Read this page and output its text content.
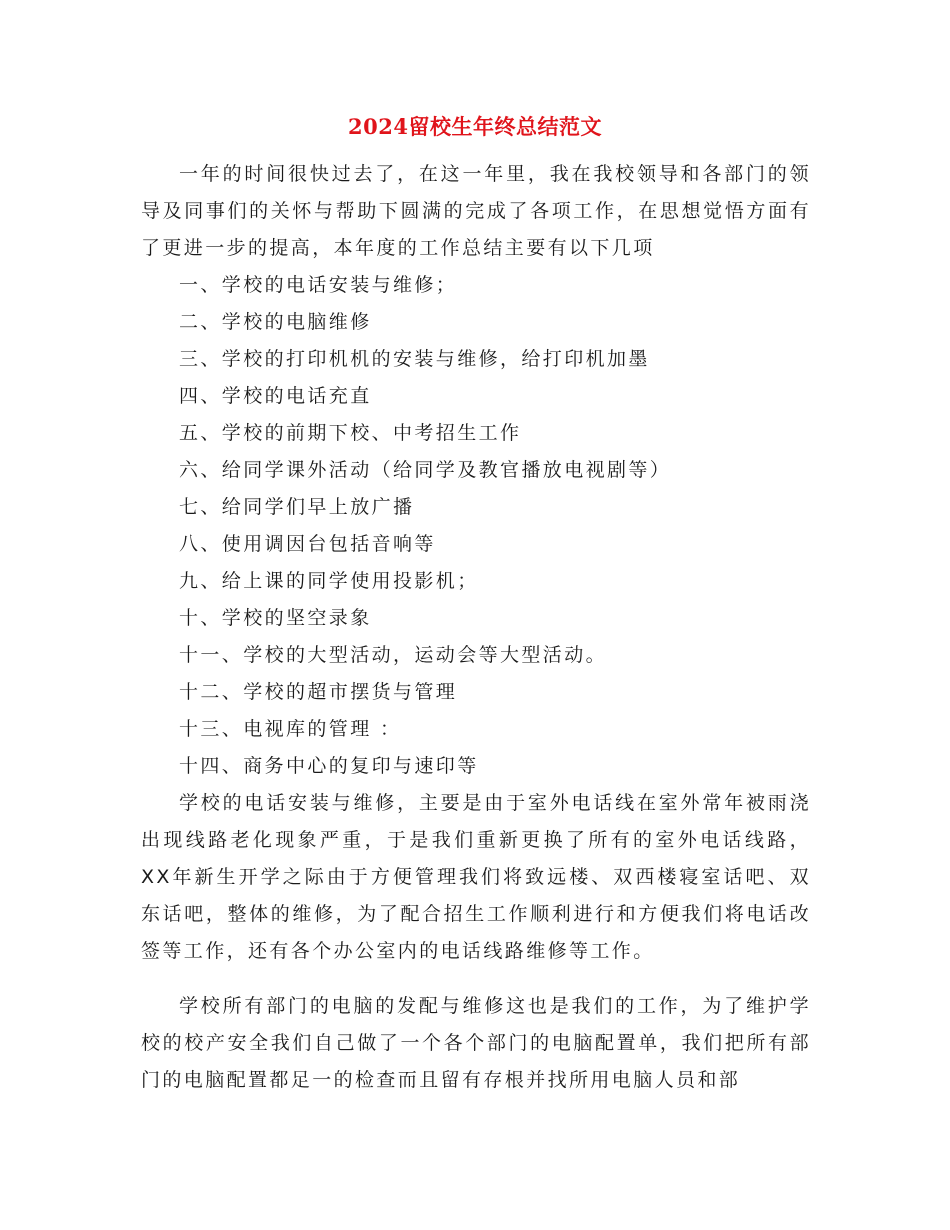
2024留校生年终总结范文

一年的时间很快过去了，在这一年里，我在我校领导和各部门的领导及同事们的关怀与帮助下圆满的完成了各项工作，在思想觉悟方面有了更进一步的提高，本年度的工作总结主要有以下几项

一、学校的电话安装与维修；

二、学校的电脑维修

三、学校的打印机机的安装与维修，给打印机加墨

四、学校的电话充直

五、学校的前期下校、中考招生工作

六、给同学课外活动（给同学及教官播放电视剧等）

七、给同学们早上放广播

八、使用调因台包括音响等

九、给上课的同学使用投影机；

十、学校的坚空录象

十一、学校的大型活动，运动会等大型活动。

十二、学校的超市摆货与管理

十三、电视库的管理 ：

十四、商务中心的复印与速印等

学校的电话安装与维修，主要是由于室外电话线在室外常年被雨浇出现线路老化现象严重，于是我们重新更换了所有的室外电话线路，XX年新生开学之际由于方便管理我们将致远楼、双西楼寝室话吧、双东话吧，整体的维修，为了配合招生工作顺利进行和方便我们将电话改签等工作，还有各个办公室内的电话线路维修等工作。

学校所有部门的电脑的发配与维修这也是我们的工作，为了维护学校的校产安全我们自己做了一个各个部门的电脑配置单，我们把所有部门的电脑配置都足一的检查而且留有存根并找所用电脑人员和部
